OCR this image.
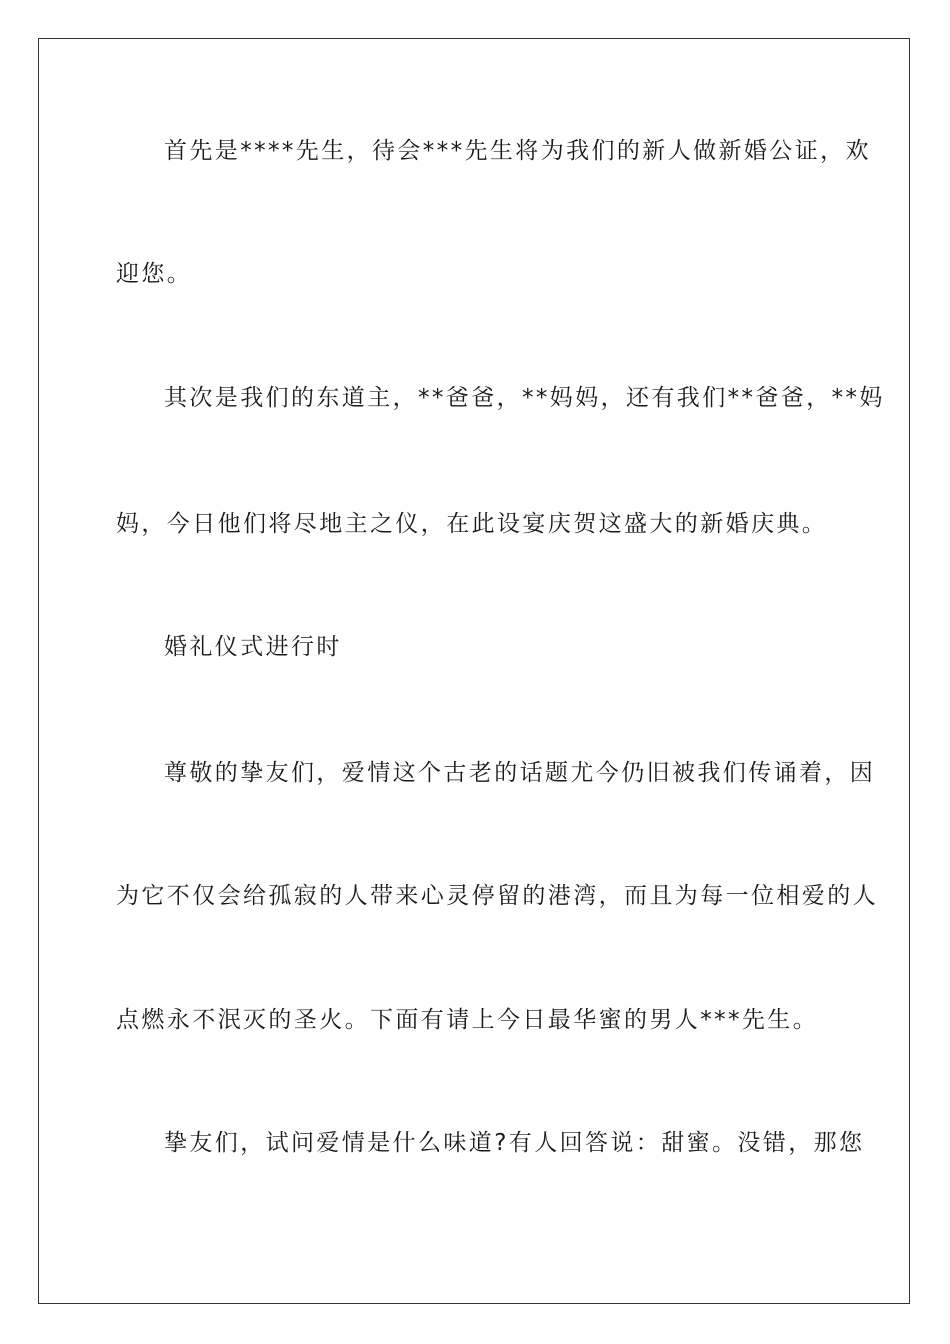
首先是****先生，待会***先生将为我们的新人做新婚公证，欢
迎您。
其次是我们的东道主，**爸爸，**妈妈，还有我们**爸爸，**妈
妈，今日他们将尽地主之仪，在此设宴庆贺这盛大的新婚庆典。
婚礼仪式进行时
尊敬的挚友们，爱情这个古老的话题尤今仍旧被我们传诵着，因
为它不仅会给孤寂的人带来心灵停留的港湾，而且为每一位相爱的人
点燃永不泯灭的圣火。下面有请上今日最华蜜的男人***先生。
挚友们，试问爱情是什么味道?有人回答说：甜蜜。没错，那您
